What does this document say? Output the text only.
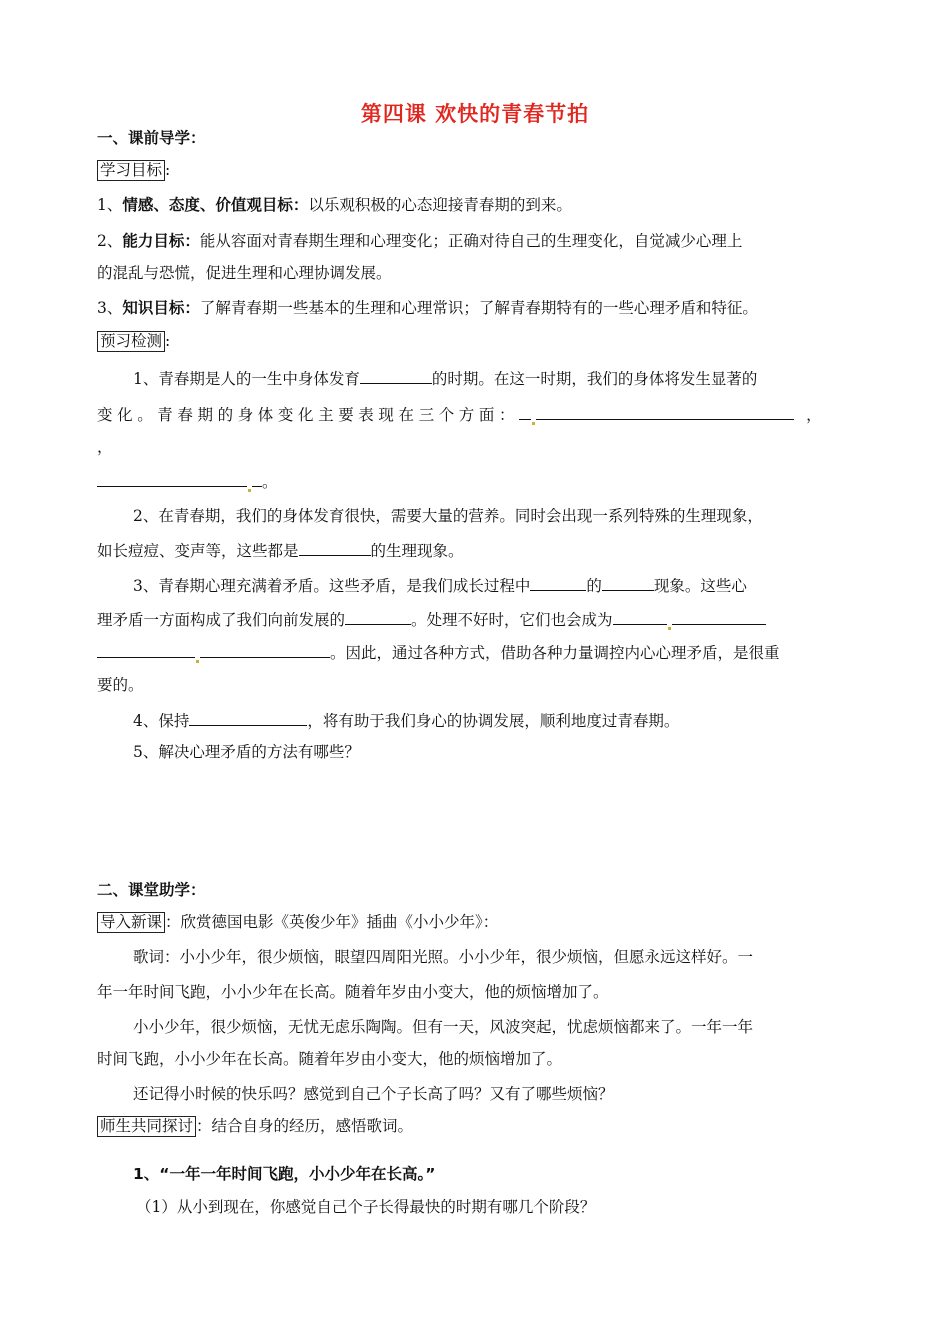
第四课 欢快的青春节拍
一、课前导学：
学习目标 :
1、情感、态度、价值观目标：以乐观积极的心态迎接青春期的到来。
2、能力目标：能从容面对青春期生理和心理变化；正确对待自己的生理变化，自觉减少心理上
的混乱与恐慌，促进生理和心理协调发展。
3、知识目标：了解青春期一些基本的生理和心理常识；了解青春期特有的一些心理矛盾和特征。
预习检测 :
1、青春期是人的一生中身体发育	的时期。在这一时期，我们的身体将发生显著的
变化。青春期的身体变化主要表现在三个方面：	，
，
。
2、在青春期，我们的身体发育很快，需要大量的营养。同时会出现一系列特殊的生理现象，
如长痘痘、变声等，这些都是	的生理现象。
3、青春期心理充满着矛盾。这些矛盾，是我们成长过程中	的	现象。这些心
理矛盾一方面构成了我们向前发展的	。处理不好时，它们也会成为
。因此，通过各种方式，借助各种力量调控内心心理矛盾，是很重
要的。
4、保持	，将有助于我们身心的协调发展，顺利地度过青春期。
5、解决心理矛盾的方法有哪些？
二、课堂助学：
导入新课 ：欣赏德国电影《英俊少年》插曲《小小少年》：
歌词：小小少年，很少烦恼，眼望四周阳光照。小小少年，很少烦恼，但愿永远这样好。一
年一年时间飞跑，小小少年在长高。随着年岁由小变大，他的烦恼增加了。
小小少年，很少烦恼，无忧无虑乐陶陶。但有一天，风波突起，忧虑烦恼都来了。一年一年
时间飞跑，小小少年在长高。随着年岁由小变大，他的烦恼增加了。
还记得小时候的快乐吗？感觉到自己个子长高了吗？又有了哪些烦恼？
师生共同探讨 ：结合自身的经历，感悟歌词。
1、“一年一年时间飞跑，小小少年在长高。”
（1）从小到现在，你感觉自己个子长得最快的时期有哪几个阶段？
